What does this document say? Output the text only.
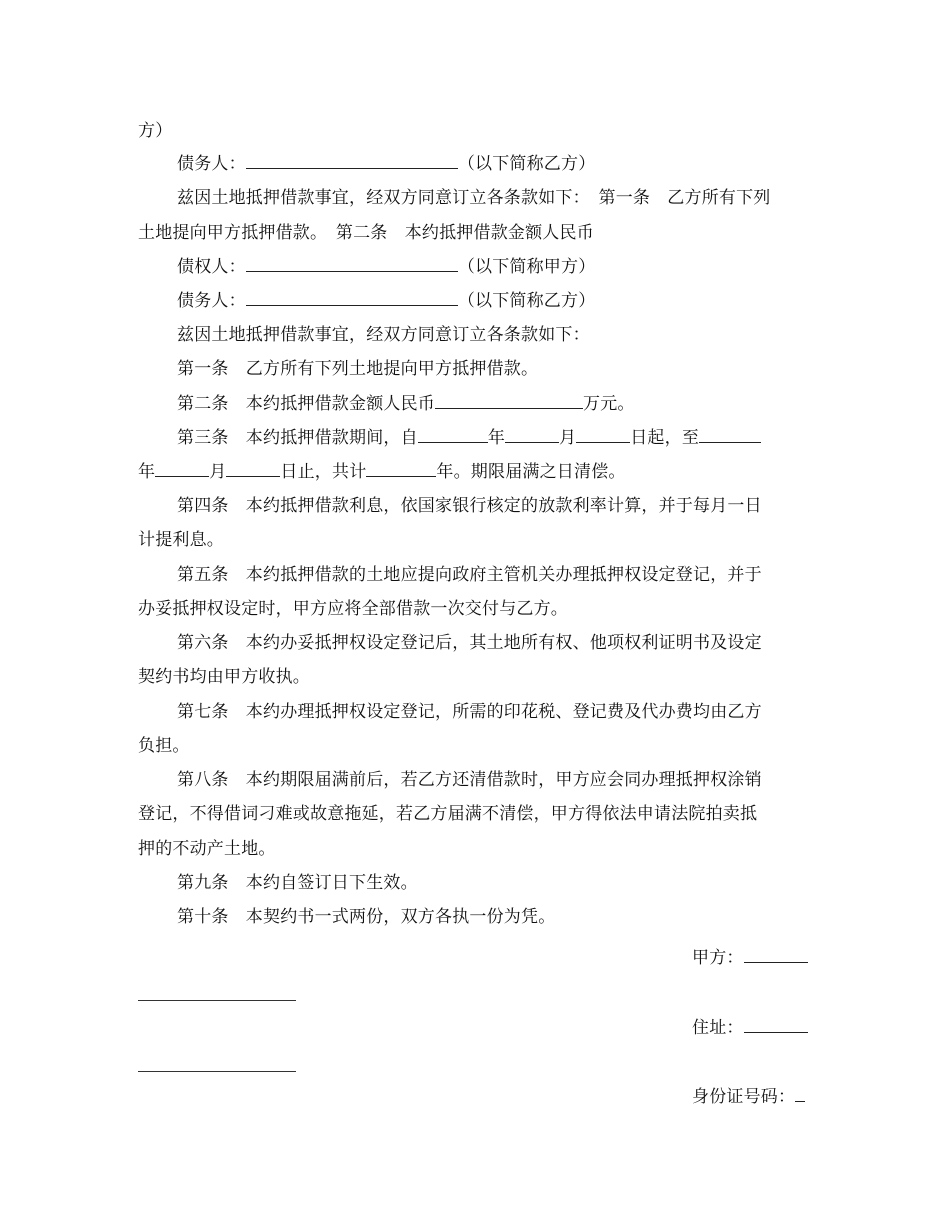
方）
债务人：	（以下简称乙方）
兹因土地抵押借款事宜，经双方同意订立各条款如下：　第一条　乙方所有下列
土地提向甲方抵押借款。　第二条　本约抵押借款金额人民币
债权人：	（以下简称甲方）
债务人：	（以下简称乙方）
兹因土地抵押借款事宜，经双方同意订立各条款如下：
第一条　乙方所有下列土地提向甲方抵押借款。
第二条　本约抵押借款金额人民币	万元。
第三条　本约抵押借款期间，自	年	月	日起，至
年	月	日止，共计	年。期限届满之日清偿。
第四条　本约抵押借款利息，依国家银行核定的放款利率计算，并于每月一日
计提利息。
第五条　本约抵押借款的土地应提向政府主管机关办理抵押权设定登记，并于
办妥抵押权设定时，甲方应将全部借款一次交付与乙方。
第六条　本约办妥抵押权设定登记后，其土地所有权、他项权利证明书及设定
契约书均由甲方收执。
第七条　本约办理抵押权设定登记，所需的印花税、登记费及代办费均由乙方
负担。
第八条　本约期限届满前后，若乙方还清借款时，甲方应会同办理抵押权涂销
登记，不得借词刁难或故意拖延，若乙方届满不清偿，甲方得依法申请法院拍卖抵
押的不动产土地。
第九条　本约自签订日下生效。
第十条　本契约书一式两份，双方各执一份为凭。
甲方：
住址：
身份证号码：
